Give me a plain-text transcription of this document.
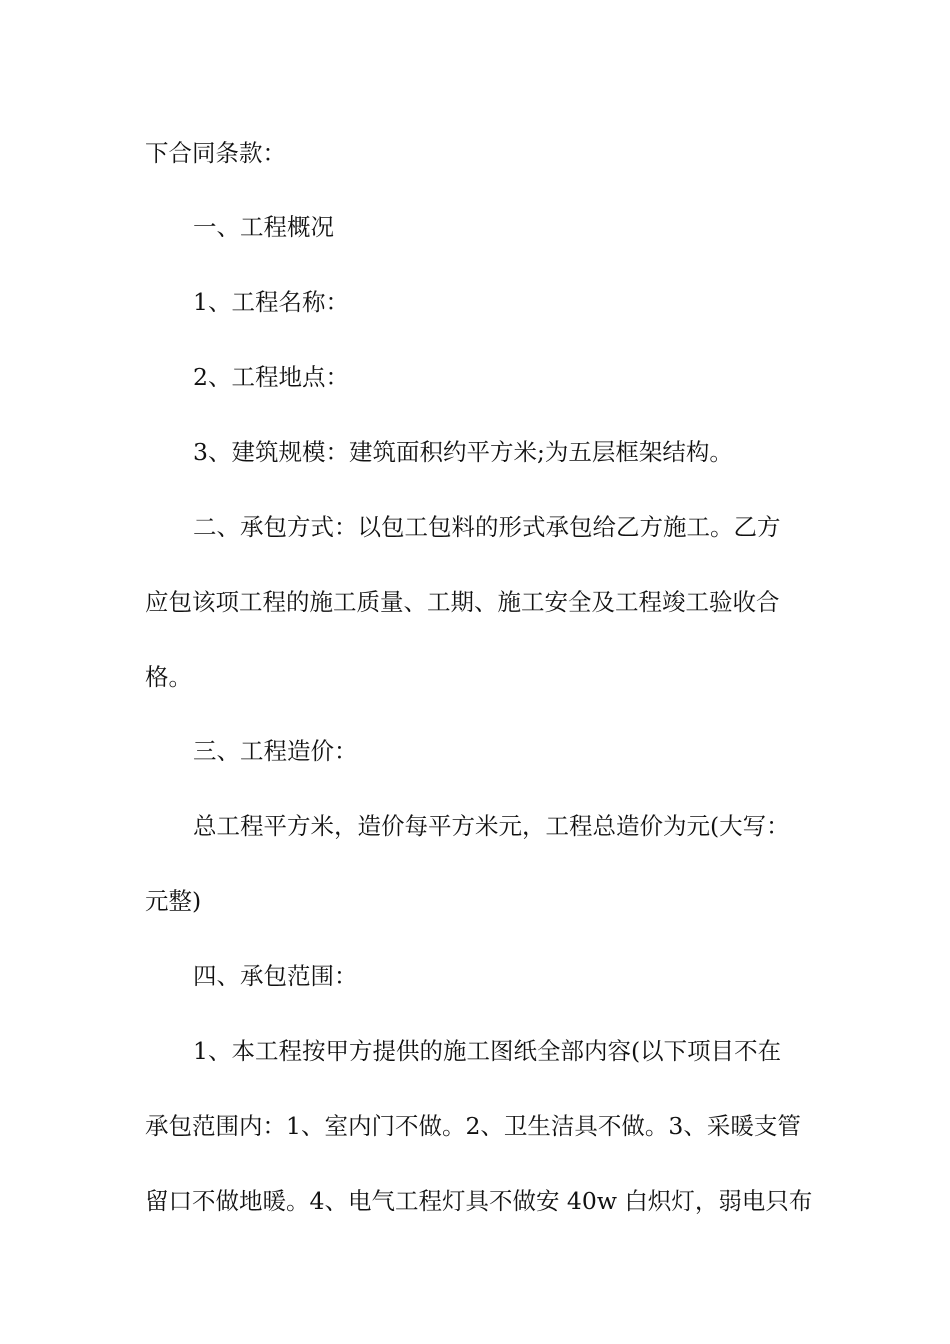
下合同条款：
一、工程概况
1、工程名称：
2、工程地点：
3、建筑规模：建筑面积约平方米;为五层框架结构。
二、承包方式：以包工包料的形式承包给乙方施工。乙方
应包该项工程的施工质量、工期、施工安全及工程竣工验收合
格。
三、工程造价：
总工程平方米，造价每平方米元，工程总造价为元(大写：
元整)
四、承包范围：
1、本工程按甲方提供的施工图纸全部内容(以下项目不在
承包范围内：1、室内门不做。2、卫生洁具不做。3、采暖支管
留口不做地暖。4、电气工程灯具不做安 40w 白炽灯，弱电只布
